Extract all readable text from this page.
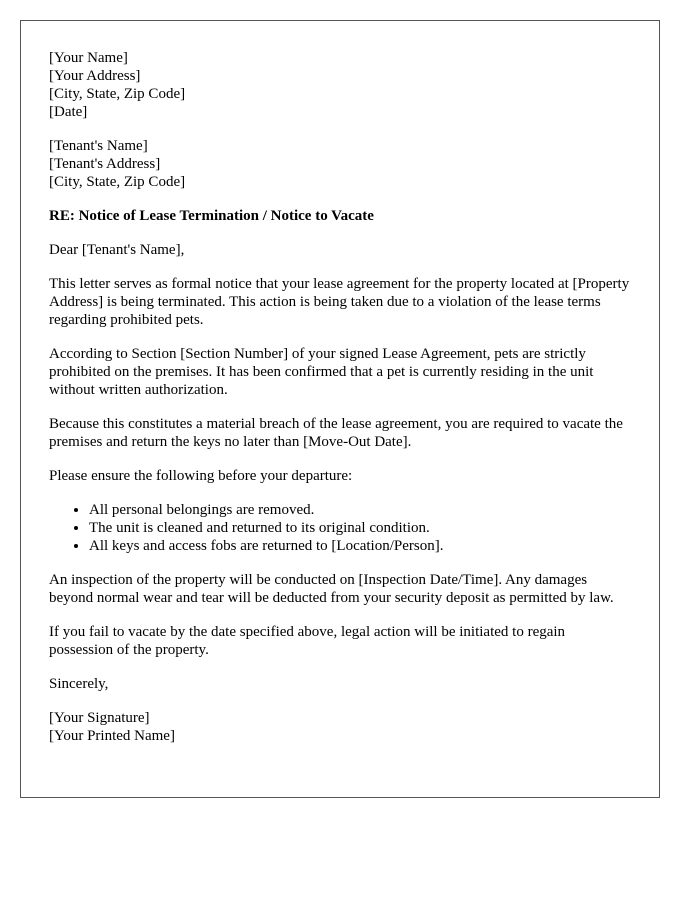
[Your Name]
[Your Address]
[City, State, Zip Code]
[Date]
[Tenant's Name]
[Tenant's Address]
[City, State, Zip Code]

RE: Notice of Lease Termination / Notice to Vacate

Dear [Tenant's Name],

This letter serves as formal notice that your lease agreement for the property located at [Property Address] is being terminated. This action is being taken due to a violation of the lease terms regarding prohibited pets.

According to Section [Section Number] of your signed Lease Agreement, pets are strictly prohibited on the premises. It has been confirmed that a pet is currently residing in the unit without written authorization.

Because this constitutes a material breach of the lease agreement, you are required to vacate the premises and return the keys no later than [Move-Out Date].

Please ensure the following before your departure:

• All personal belongings are removed.
• The unit is cleaned and returned to its original condition.
• All keys and access fobs are returned to [Location/Person].

An inspection of the property will be conducted on [Inspection Date/Time]. Any damages beyond normal wear and tear will be deducted from your security deposit as permitted by law.

If you fail to vacate by the date specified above, legal action will be initiated to regain possession of the property.

Sincerely,

[Your Signature]
[Your Printed Name]
